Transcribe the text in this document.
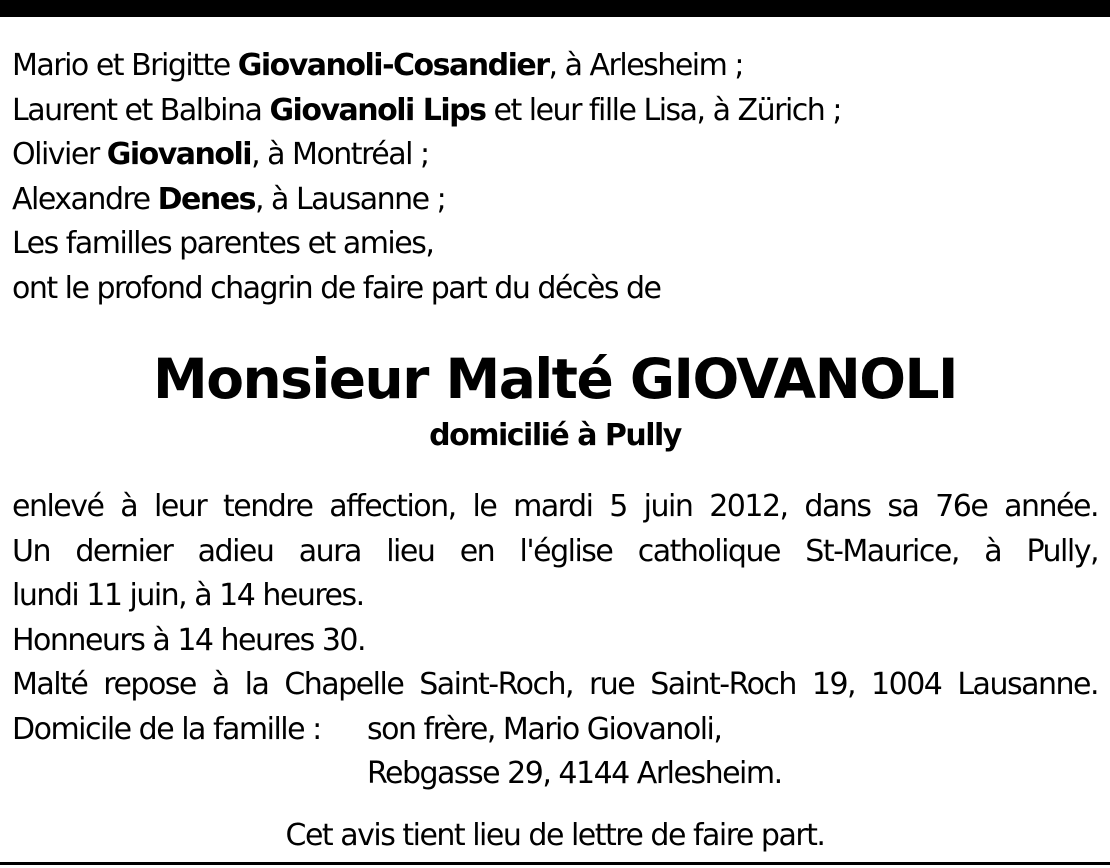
Mario et Brigitte Giovanoli-Cosandier, à Arlesheim ;
Laurent et Balbina Giovanoli Lips et leur fille Lisa, à Zürich ;
Olivier Giovanoli, à Montréal ;
Alexandre Denes, à Lausanne ;
Les familles parentes et amies,
ont le profond chagrin de faire part du décès de
Monsieur Malté GIOVANOLI
domicilié à Pully
enlevé à leur tendre affection, le mardi 5 juin 2012, dans sa 76e année.
Un dernier adieu aura lieu en l'église catholique St-Maurice, à Pully,
lundi 11 juin, à 14 heures.
Honneurs à 14 heures 30.
Malté repose à la Chapelle Saint-Roch, rue Saint-Roch 19, 1004 Lausanne.
Domicile de la famille :	son frère, Mario Giovanoli,
Rebgasse 29, 4144 Arlesheim.
Cet avis tient lieu de lettre de faire part.
